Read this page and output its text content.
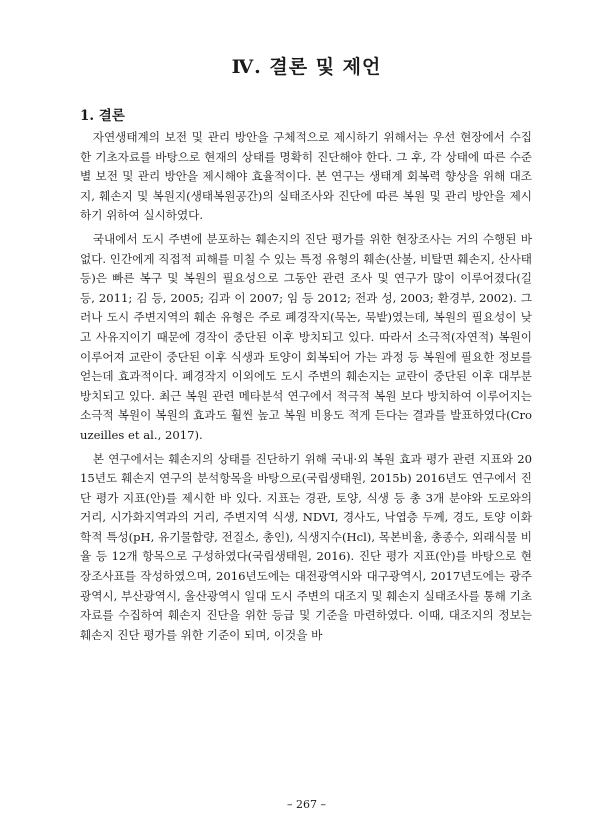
Ⅳ. 결론 및 제언
1. 결론

자연생태계의 보전 및 관리 방안을 구체적으로 제시하기 위해서는 우선 현장에서 수집한 기초자료를 바탕으로 현재의 상태를 명확히 진단해야 한다. 그 후, 각 상태에 따른 수준별 보전 및 관리 방안을 제시해야 효율적이다. 본 연구는 생태계 회복력 향상을 위해 대조지, 훼손지 및 복원지(생태복원공간)의 실태조사와 진단에 따른 복원 및 관리 방안을 제시하기 위하여 실시하였다.

국내에서 도시 주변에 분포하는 훼손지의 진단 평가를 위한 현장조사는 거의 수행된 바 없다. 인간에게 직접적 피해를 미칠 수 있는 특정 유형의 훼손(산불, 비탈면 훼손지, 산사태 등)은 빠른 복구 및 복원의 필요성으로 그동안 관련 조사 및 연구가 많이 이루어졌다(길 등, 2011; 김 등, 2005; 김과 이 2007; 임 등 2012; 전과 성, 2003; 환경부, 2002). 그러나 도시 주변지역의 훼손 유형은 주로 폐경작지(묵논, 묵밭)였는데, 복원의 필요성이 낮고 사유지이기 때문에 경작이 중단된 이후 방치되고 있다. 따라서 소극적(자연적) 복원이 이루어져 교란이 중단된 이후 식생과 토양이 회복되어 가는 과정 등 복원에 필요한 정보를 얻는데 효과적이다. 폐경작지 이외에도 도시 주변의 훼손지는 교란이 중단된 이후 대부분 방치되고 있다. 최근 복원 관련 메타분석 연구에서 적극적 복원 보다 방치하여 이루어지는 소극적 복원이 복원의 효과도 훨씬 높고 복원 비용도 적게 든다는 결과를 발표하였다(Crouzeilles et al., 2017).

본 연구에서는 훼손지의 상태를 진단하기 위해 국내·외 복원 효과 평가 관련 지표와 2015년도 훼손지 연구의 분석항목을 바탕으로(국립생태원, 2015b) 2016년도 연구에서 진단 평가 지표(안)를 제시한 바 있다. 지표는 경관, 토양, 식생 등 총 3개 분야와 도로와의 거리, 시가화지역과의 거리, 주변지역 식생, NDVI, 경사도, 낙엽층 두께, 경도, 토양 이화학적 특성(pH, 유기물함량, 전질소, 총인), 식생지수(Hcl), 목본비율, 총종수, 외래식물 비율 등 12개 항목으로 구성하였다(국립생태원, 2016). 진단 평가 지표(안)를 바탕으로 현장조사표를 작성하였으며, 2016년도에는 대전광역시와 대구광역시, 2017년도에는 광주광역시, 부산광역시, 울산광역시 일대 도시 주변의 대조지 및 훼손지 실태조사를 통해 기초자료를 수집하여 훼손지 진단을 위한 등급 및 기준을 마련하였다. 이때, 대조지의 정보는 훼손지 진단 평가를 위한 기준이 되며, 이것을 바

– 267 –
